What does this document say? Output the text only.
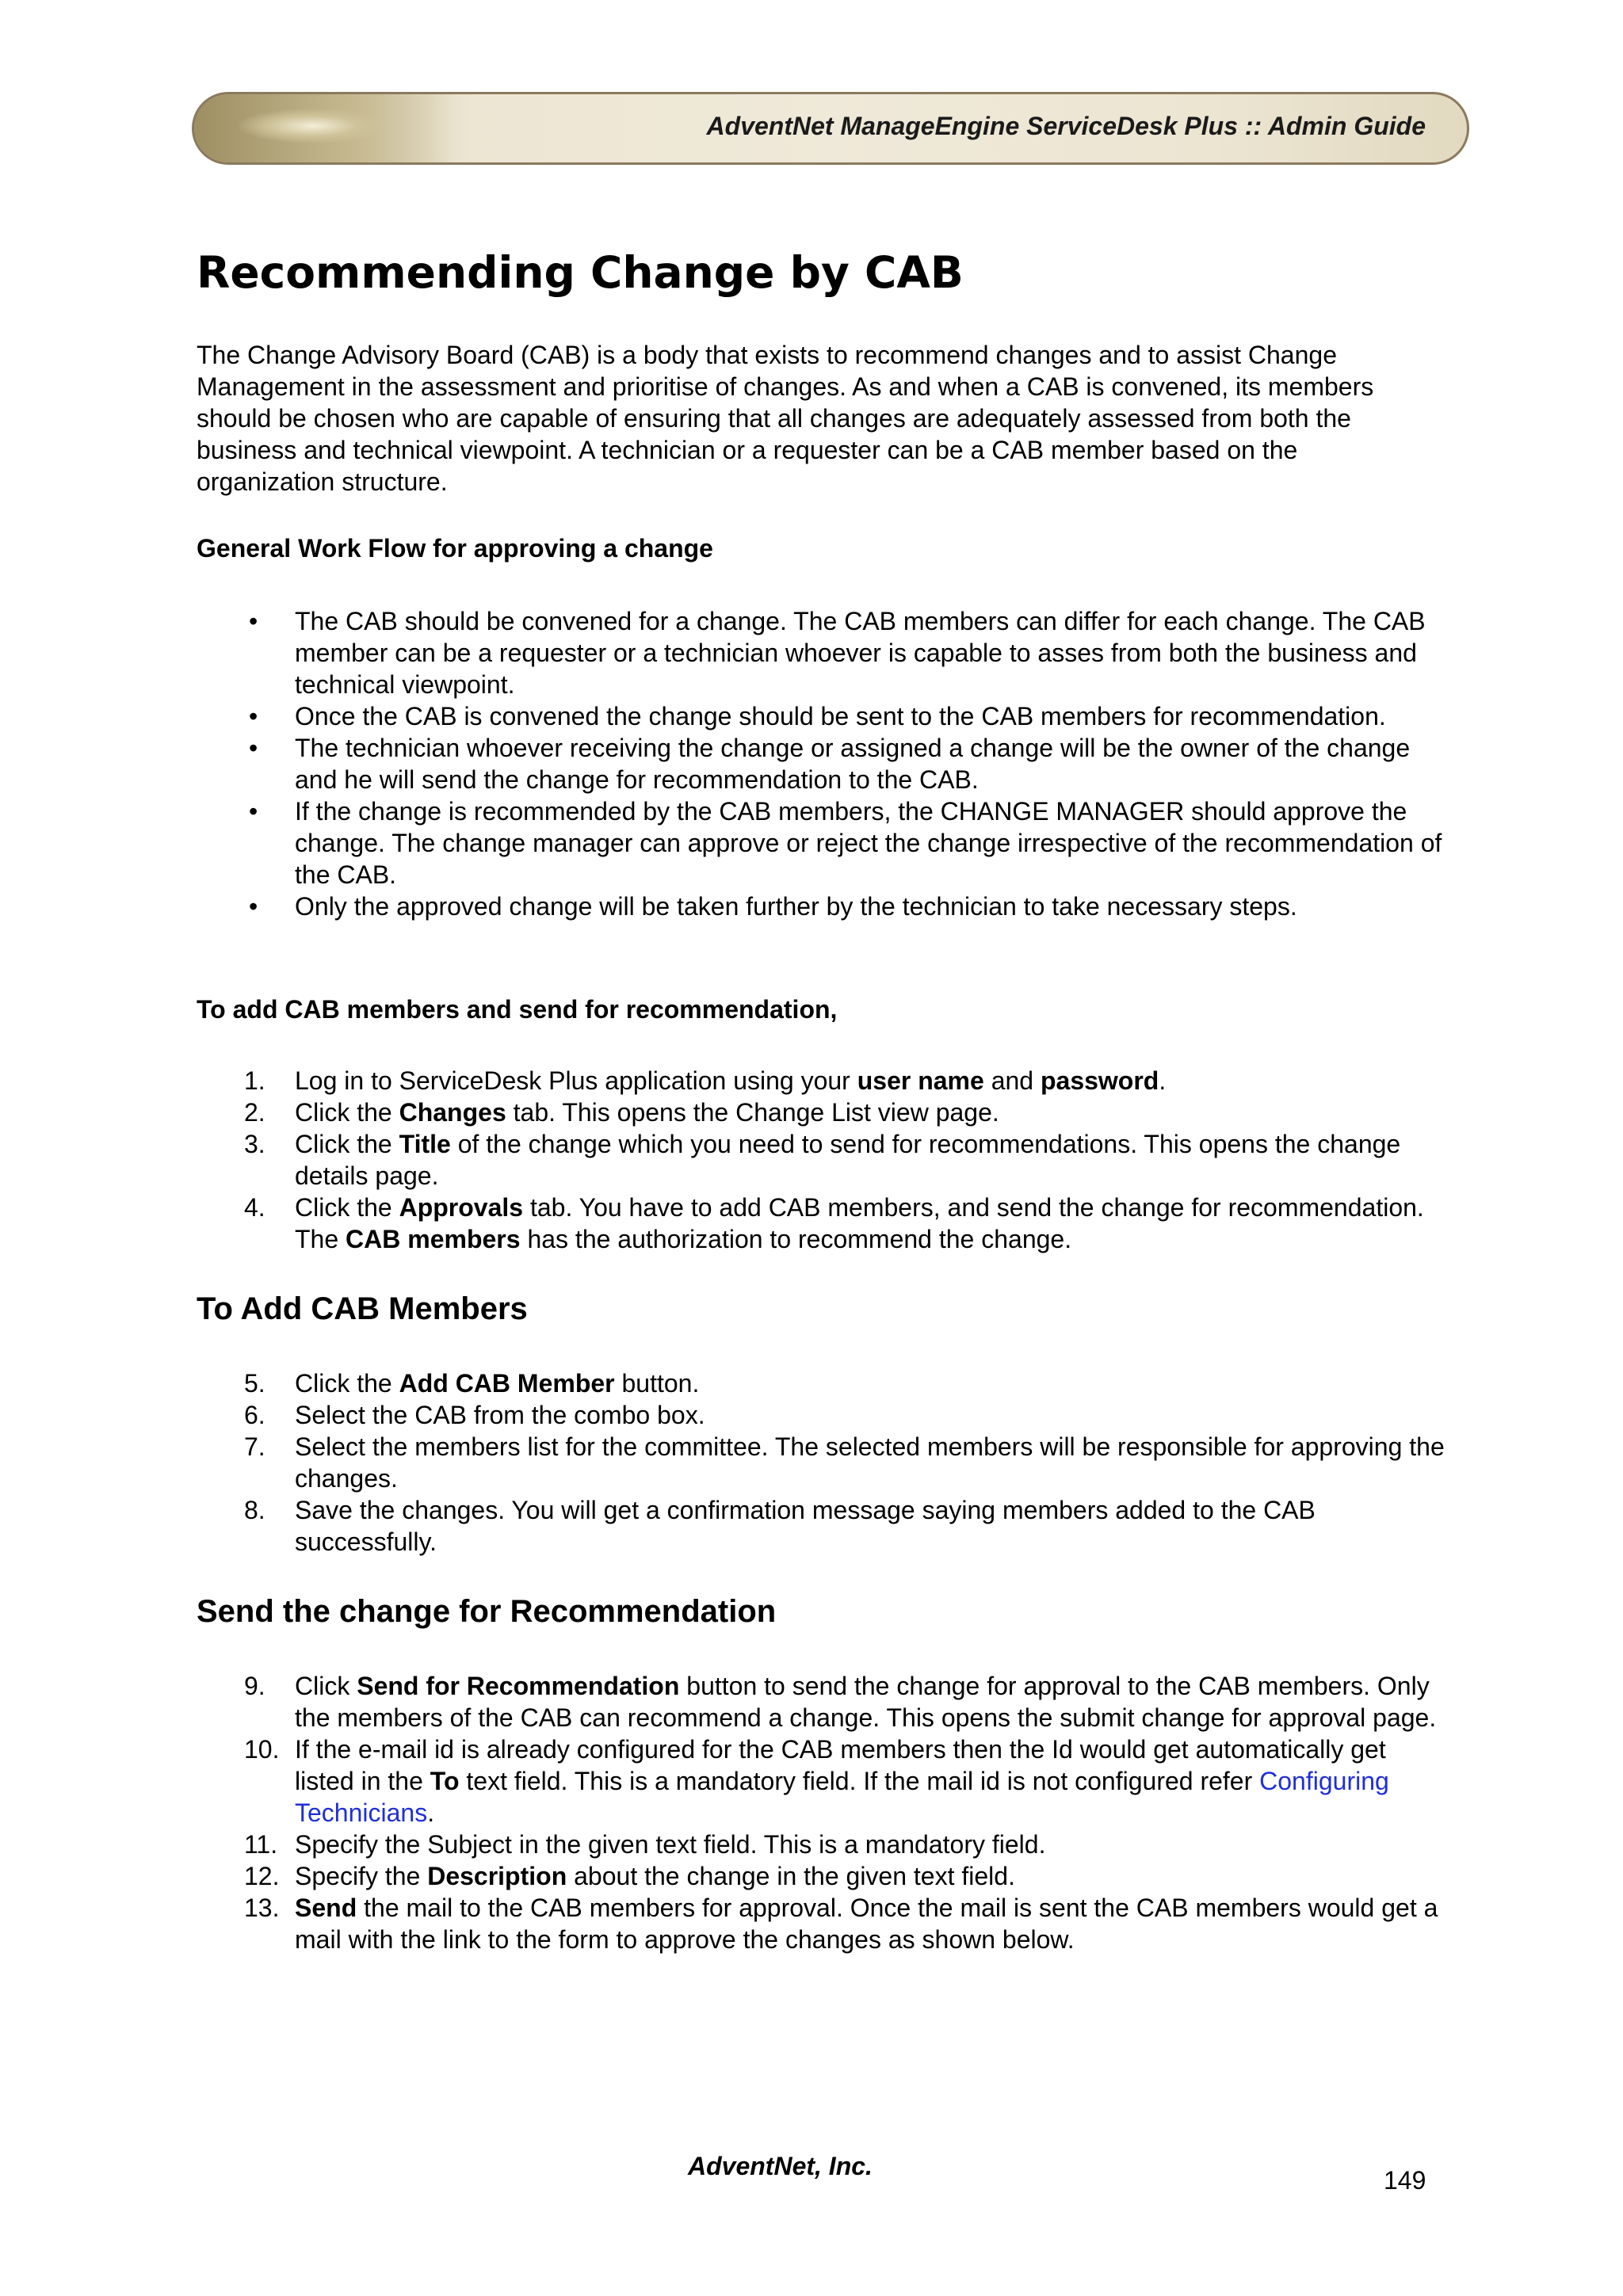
AdventNet ManageEngine ServiceDesk Plus :: Admin Guide
Recommending Change by CAB

The Change Advisory Board (CAB) is a body that exists to recommend changes and to assist Change Management in the assessment and prioritise of changes. As and when a CAB is convened, its members should be chosen who are capable of ensuring that all changes are adequately assessed from both the business and technical viewpoint. A technician or a requester can be a CAB member based on the organization structure.

General Work Flow for approving a change
•	The CAB should be convened for a change. The CAB members can differ for each change. The CAB member can be a requester or a technician whoever is capable to asses from both the business and technical viewpoint.
•	Once the CAB is convened the change should be sent to the CAB members for recommendation.
•	The technician whoever receiving the change or assigned a change will be the owner of the change and he will send the change for recommendation to the CAB.
•	If the change is recommended by the CAB members, the CHANGE MANAGER should approve the change. The change manager can approve or reject the change irrespective of the recommendation of the CAB.
•	Only the approved change will be taken further by the technician to take necessary steps.
To add CAB members and send for recommendation,
1.	Log in to ServiceDesk Plus application using your user name and password.
2.	Click the Changes tab. This opens the Change List view page.
3.	Click the Title of the change which you need to send for recommendations. This opens the change details page.
4.	Click the Approvals tab. You have to add CAB members, and send the change for recommendation. The CAB members has the authorization to recommend the change.
To Add CAB Members
5.	Click the Add CAB Member button.
6.	Select the CAB from the combo box.
7.	Select the members list for the committee. The selected members will be responsible for approving the changes.
8.	Save the changes. You will get a confirmation message saying members added to the CAB successfully.
Send the change for Recommendation
9.	Click Send for Recommendation button to send the change for approval to the CAB members. Only the members of the CAB can recommend a change. This opens the submit change for approval page.
10. If the e-mail id is already configured for the CAB members then the Id would get automatically get listed in the To text field. This is a mandatory field. If the mail id is not configured refer Configuring Technicians.
11. Specify the Subject in the given text field. This is a mandatory field.
12. Specify the Description about the change in the given text field.
13. Send the mail to the CAB members for approval. Once the mail is sent the CAB members would get a mail with the link to the form to approve the changes as shown below.
AdventNet, Inc.	149
